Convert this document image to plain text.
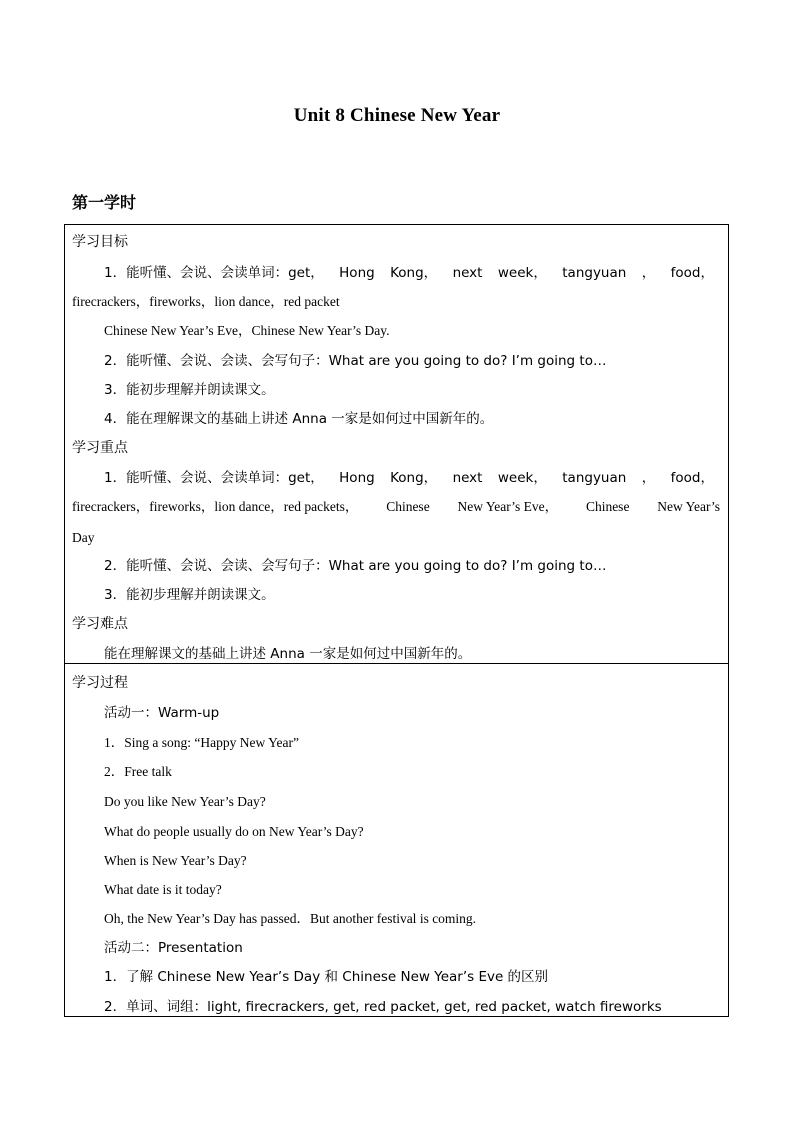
Unit 8 Chinese New Year
第一学时
学习目标
1．能听懂、会说、会读单词：get， Hong Kong， next week， tangyuan ， food，
firecrackers，fireworks，lion dance，red packet
Chinese New Year’s Eve，Chinese New Year’s Day.
2．能听懂、会说、会读、会写句子：What are you going to do? I’m going to…
3．能初步理解并朗读课文。
4．能在理解课文的基础上讲述 Anna 一家是如何过中国新年的。
学习重点
1．能听懂、会说、会读单词：get， Hong Kong， next week， tangyuan ， food，
firecrackers，fireworks，lion dance，red packets， Chinese New Year’s Eve， Chinese New Year’s
Day
2．能听懂、会说、会读、会写句子：What are you going to do? I’m going to…
3．能初步理解并朗读课文。
学习难点
能在理解课文的基础上讲述 Anna 一家是如何过中国新年的。
学习过程
活动一：Warm-up
1．Sing a song: “Happy New Year”
2．Free talk
Do you like New Year’s Day?
What do people usually do on New Year’s Day?
When is New Year’s Day?
What date is it today?
Oh, the New Year’s Day has passed．But another festival is coming.
活动二：Presentation
1．了解 Chinese New Year’s Day 和 Chinese New Year’s Eve 的区别
2．单词、词组：light, firecrackers, get, red packet, get, red packet, watch fireworks
